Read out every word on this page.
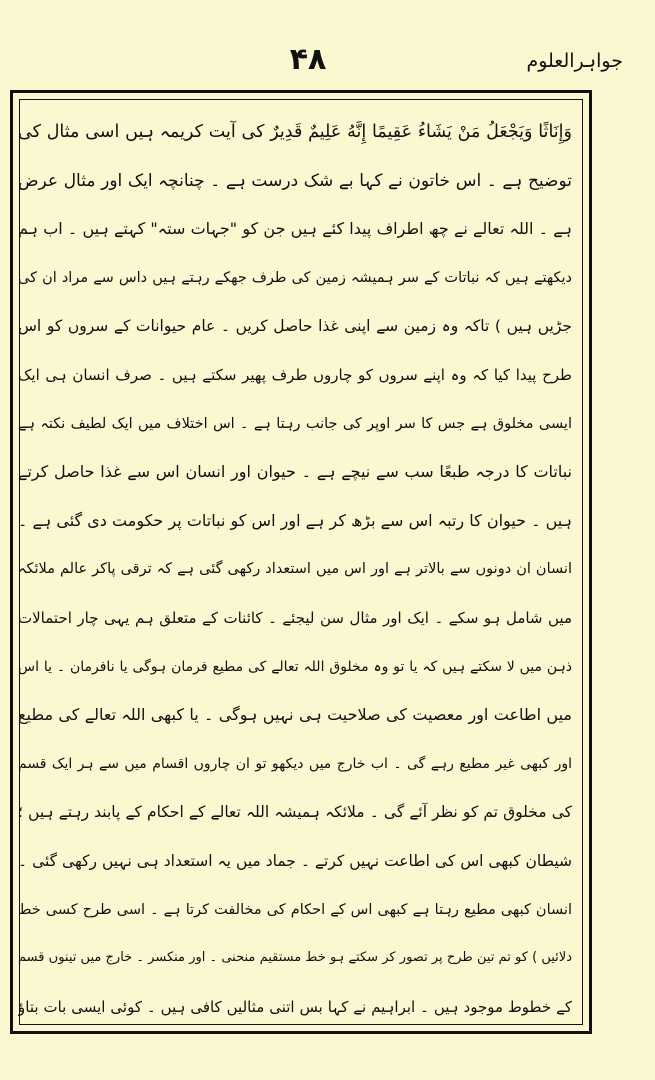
۴۸	جواہرالعلوم
وَإِنَاثًا وَيَجْعَلُ مَنْ يَشَاءُ عَقِيمًا إِنَّهُ عَلِيمٌ قَدِيرٌ کی آیت کریمہ ہیں اسی مثال کی
توضیح ہے ۔ اس خاتون نے کہا بے شک درست ہے ۔ چنانچہ ایک اور مثال عرض
ہے ۔ اللہ تعالے نے چھ اطراف پیدا کئے ہیں جن کو "جہات ستہ" کہتے ہیں ۔ اب ہم
دیکھتے ہیں کہ نباتات کے سر ہمیشہ زمین کی طرف جھکے رہتے ہیں داس سے مراد ان کی
جڑیں ہیں ) تاکہ وہ زمین سے اپنی غذا حاصل کریں ۔ عام حیوانات کے سروں کو اس
طرح پیدا کیا کہ وہ اپنے سروں کو چاروں طرف پھیر سکتے ہیں ۔ صرف انسان ہی ایک
ایسی مخلوق ہے جس کا سر اوپر کی جانب رہتا ہے ۔ اس اختلاف میں ایک لطیف نکتہ ہے
نباتات کا درجہ طبعًا سب سے نیچے ہے ۔ حیوان اور انسان اس سے غذا حاصل کرتے
ہیں ۔ حیوان کا رتبہ اس سے بڑھ کر ہے اور اس کو نباتات پر حکومت دی گئی ہے ۔
انسان ان دونوں سے بالاتر ہے اور اس میں استعداد رکھی گئی ہے کہ ترقی پاکر عالم ملائکہ
میں شامل ہو سکے ۔ ایک اور مثال سن لیجئے ۔ کائنات کے متعلق ہم یہی چار احتمالات
ذہن میں لا سکتے ہیں کہ یا تو وہ مخلوق اللہ تعالے کی مطیع فرمان ہوگی یا نافرمان ۔ یا اس
میں اطاعت اور معصیت کی صلاحیت ہی نہیں ہوگی ۔ یا کبھی اللہ تعالے کی مطیع
اور کبھی غیر مطیع رہے گی ۔ اب خارج میں دیکھو تو ان چاروں اقسام میں سے ہر ایک قسم
کی مخلوق تم کو نظر آئے گی ۔ ملائکہ ہمیشہ اللہ تعالے کے احکام کے پابند رہتے ہیں ؛
شیطان کبھی اس کی اطاعت نہیں کرتے ۔ جماد میں یہ استعداد ہی نہیں رکھی گئی ۔
انسان کبھی مطیع رہتا ہے کبھی اس کے احکام کی مخالفت کرتا ہے ۔ اسی طرح کسی خط
دلائیں ) کو تم تین طرح پر تصور کر سکتے ہو خط مستقیم منحنی ۔ اور منکسر ۔ خارج میں تینوں قسم
کے خطوط موجود ہیں ۔ ابراہیم نے کہا بس اتنی مثالیں کافی ہیں ۔ کوئی ایسی بات بتاؤ
